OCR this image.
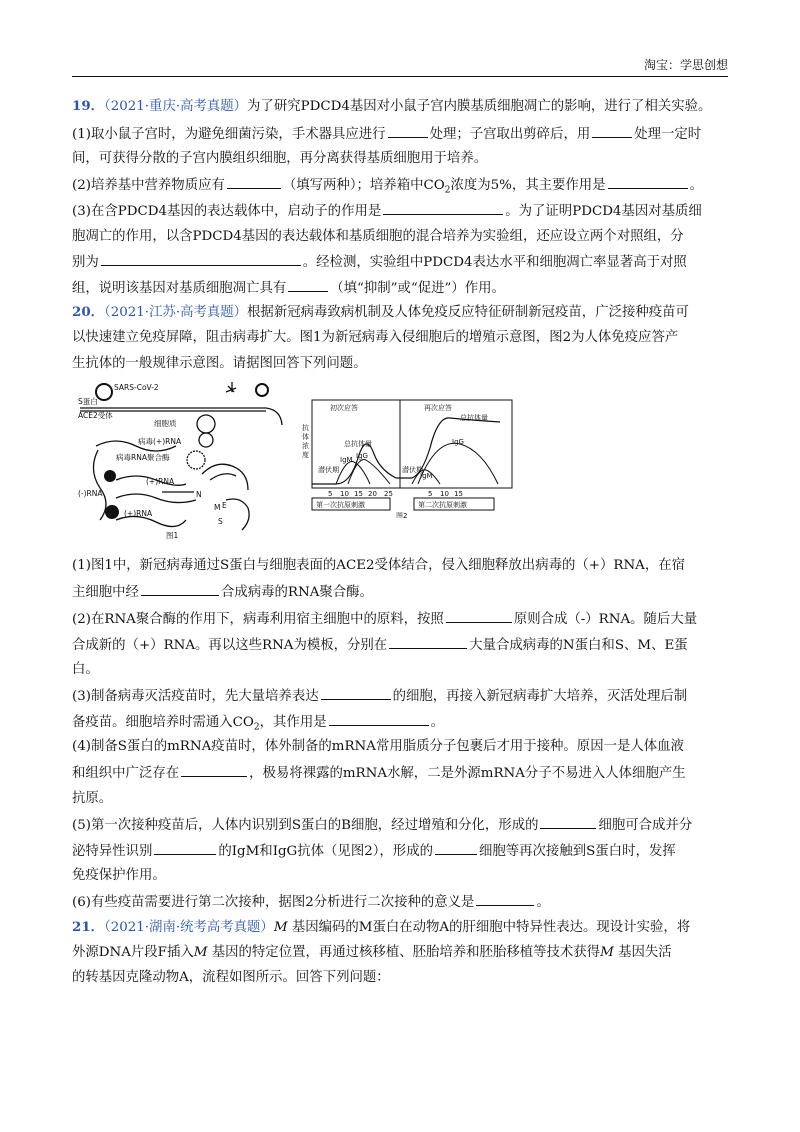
淘宝：学思创想
19．（2021·重庆·高考真题）为了研究PDCD4基因对小鼠子宫内膜基质细胞凋亡的影响，进行了相关实验。
(1)取小鼠子宫时，为避免细菌污染，手术器具应进行	处理；子宫取出剪碎后，用	处理一定时
间，可获得分散的子宫内膜组织细胞，再分离获得基质细胞用于培养。
(2)培养基中营养物质应有	（填写两种）；培养箱中$CO_2$浓度为5%，其主要作用是	。
(3)在含PDCD4基因的表达载体中，启动子的作用是	。为了证明PDCD4基因对基质细
胞凋亡的作用，以含PDCD4基因的表达载体和基质细胞的混合培养为实验组，还应设立两个对照组，分
别为	。经检测，实验组中PDCD4表达水平和细胞凋亡率显著高于对照
组，说明该基因对基质细胞凋亡具有	（填“抑制”或“促进”）作用。
20．（2021·江苏·高考真题）根据新冠病毒致病机制及人体免疫反应特征研制新冠疫苗，广泛接种疫苗可
以快速建立免疫屏障，阻击病毒扩大。图1为新冠病毒入侵细胞后的增殖示意图，图2为人体免疫应答产
生抗体的一般规律示意图。请据图回答下列问题。
SARS-CoV-2
S蛋白
ACE2受体
细胞质
病毒(+)RNA
病毒RNA聚合酶
(-)RNA
(+)RNA
(+)RNA
N
M E
S
图1
初次应答	再次应答
抗
体
浓
度
总抗体量
总抗体量
潜伏期	潜伏期
IgM IgG
IgM
IgG
5 10 15 20 25	5 10 15
第一次抗原刺激	第二次抗原刺激
图2
(1)图1中，新冠病毒通过S蛋白与细胞表面的ACE2受体结合，侵入细胞释放出病毒的（+）RNA，在宿
主细胞中经	合成病毒的RNA聚合酶。
(2)在RNA聚合酶的作用下，病毒利用宿主细胞中的原料，按照	原则合成（-）RNA。随后大量
合成新的（+）RNA。再以这些RNA为模板，分别在	大量合成病毒的N蛋白和S、M、E蛋
白。
(3)制备病毒灭活疫苗时，先大量培养表达	的细胞，再接入新冠病毒扩大培养，灭活处理后制
备疫苗。细胞培养时需通入$CO_2$，其作用是	。
(4)制备S蛋白的mRNA疫苗时，体外制备的mRNA常用脂质分子包裹后才用于接种。原因一是人体血液
和组织中广泛存在	，极易将裸露的mRNA水解，二是外源mRNA分子不易进入人体细胞产生
抗原。
(5)第一次接种疫苗后，人体内识别到S蛋白的B细胞，经过增殖和分化，形成的	细胞可合成并分
泌特异性识别	的IgM和IgG抗体（见图2），形成的	细胞等再次接触到S蛋白时，发挥
免疫保护作用。
(6)有些疫苗需要进行第二次接种，据图2分析进行二次接种的意义是	。
21．（2021·湖南·统考高考真题）M 基因编码的M蛋白在动物A的肝细胞中特异性表达。现设计实验，将
外源DNA片段F插入M 基因的特定位置，再通过核移植、胚胎培养和胚胎移植等技术获得M 基因失活
的转基因克隆动物A，流程如图所示。回答下列问题：
